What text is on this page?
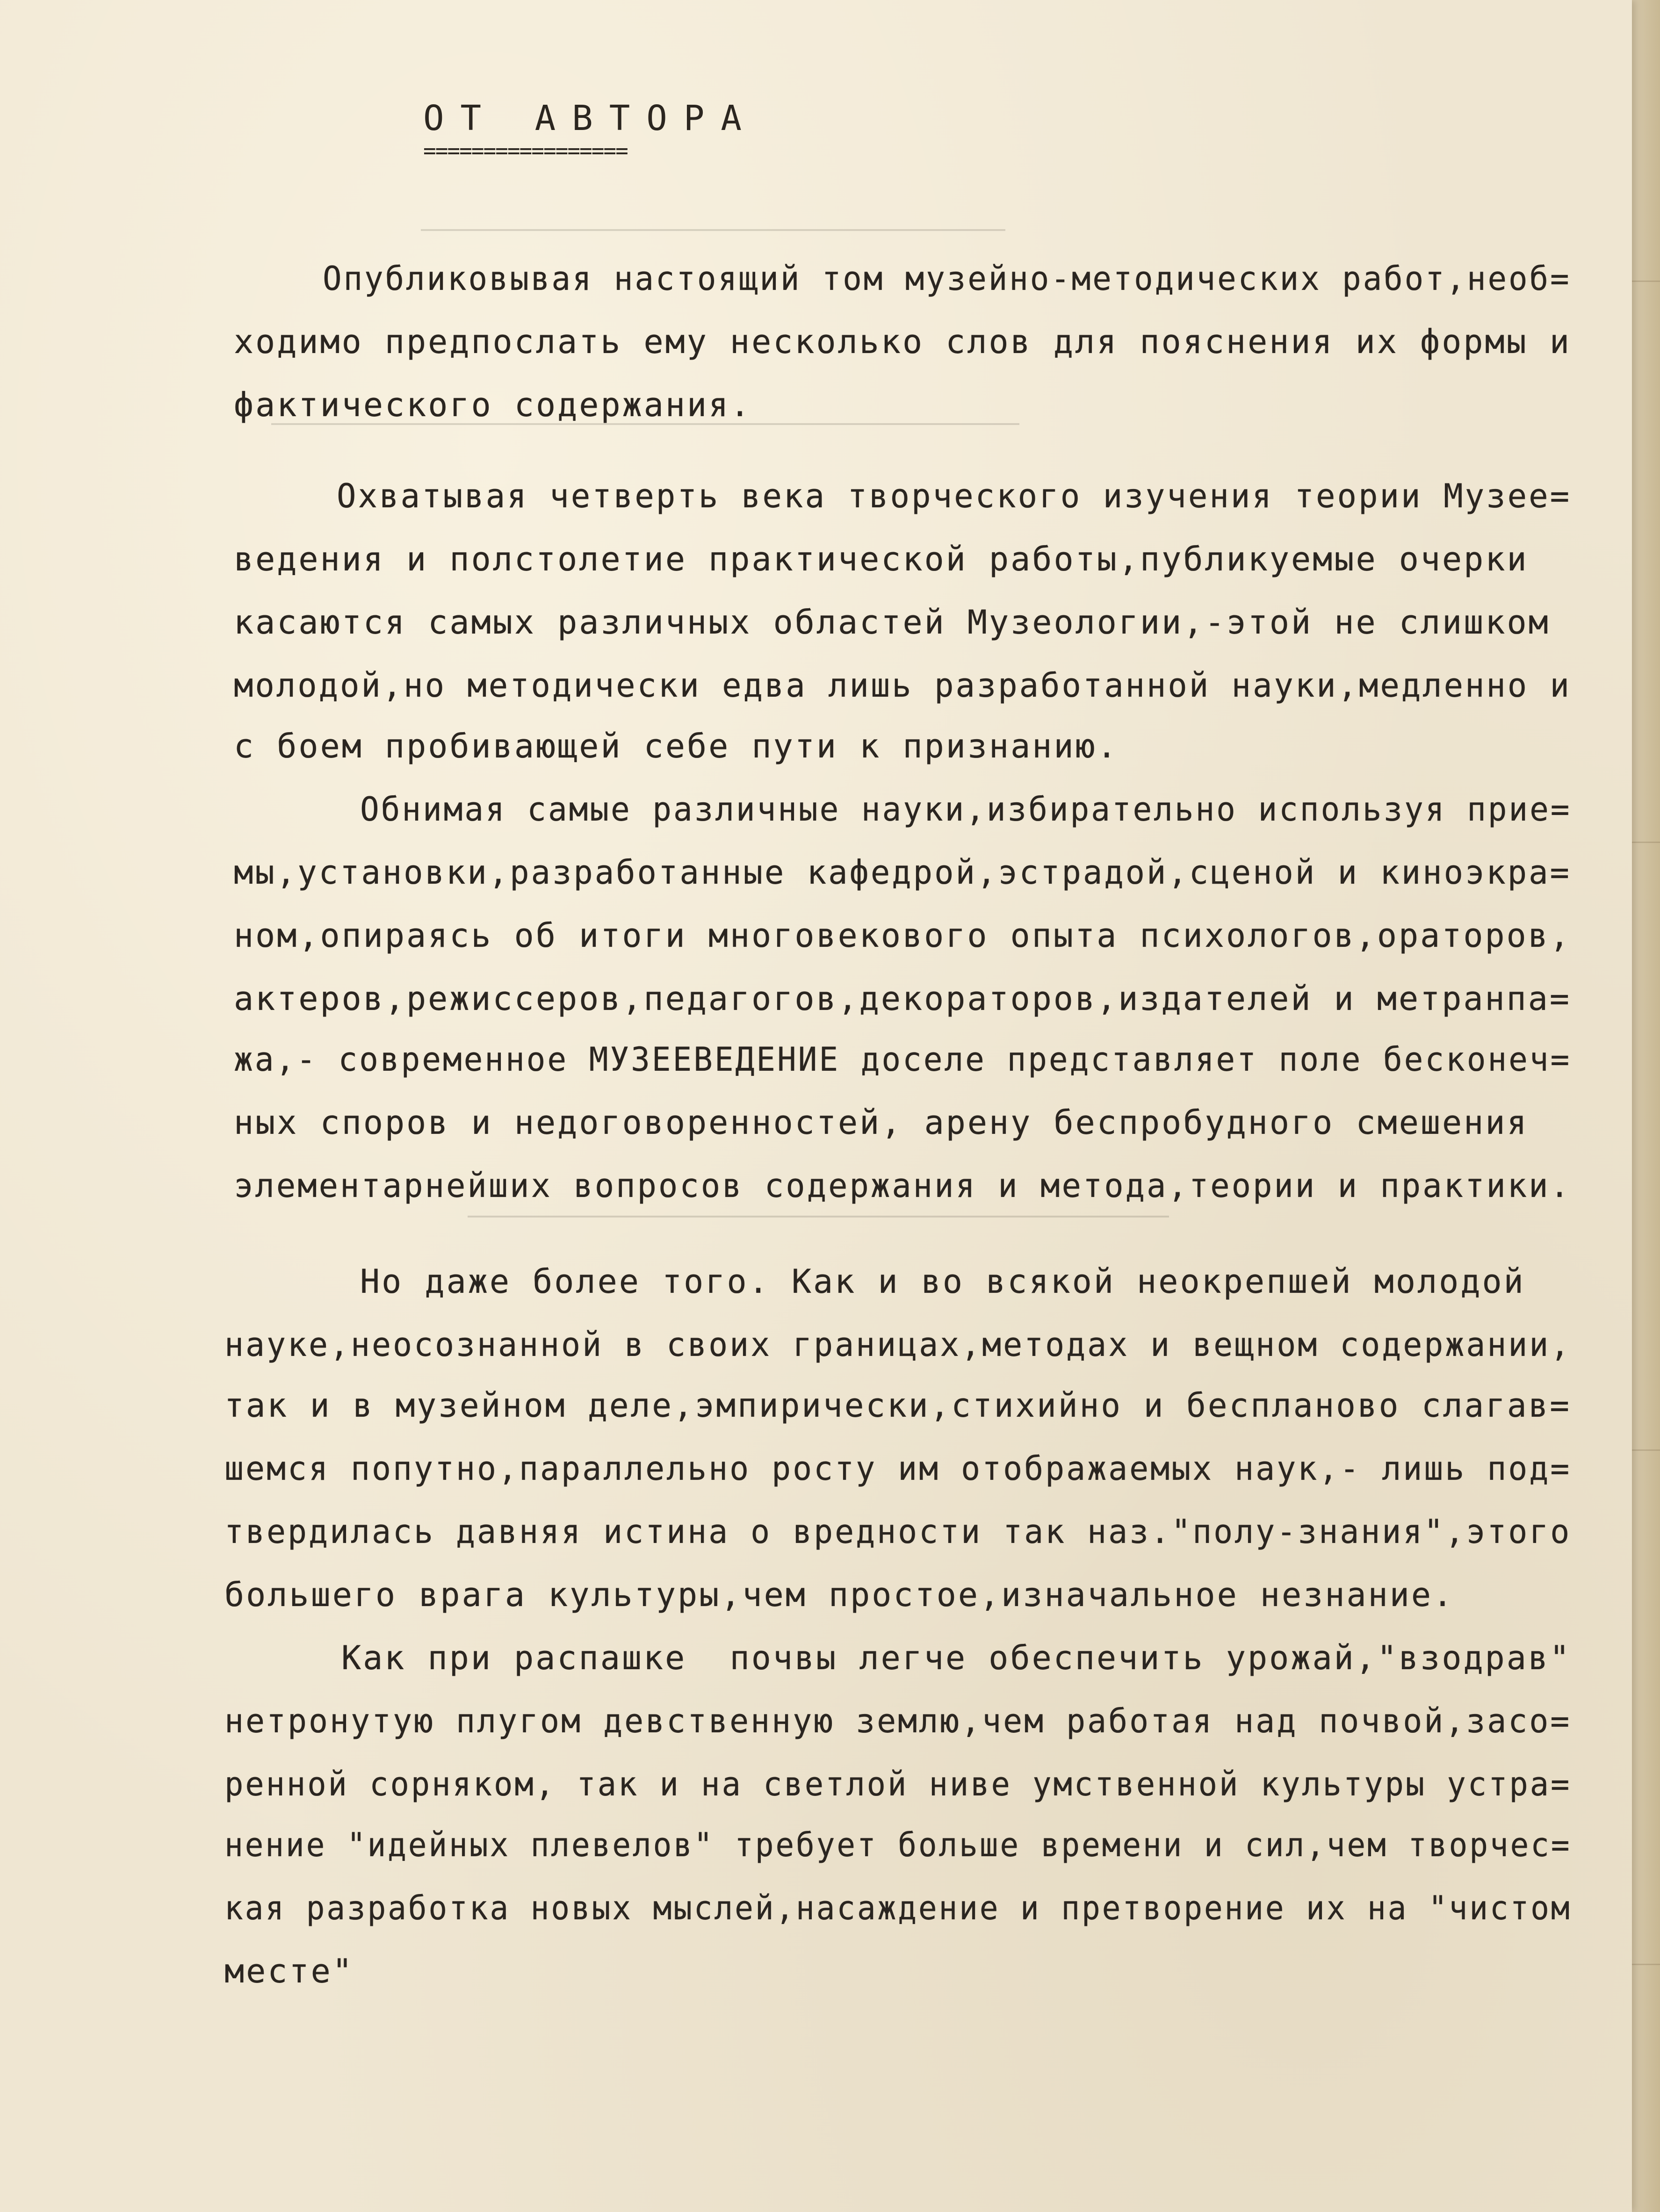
ОТ АВТОРА
=================
Опубликовывая настоящий том музейно-методических работ,необ=
ходимо предпослать ему несколько слов для пояснения их формы и
фактического содержания.
Охватывая четверть века творческого изучения теории Музее=
ведения и полстолетие практической работы,публикуемые очерки
касаются самых различных областей Музеологии,-этой не слишком
молодой,но методически едва лишь разработанной науки,медленно и
с боем пробивающей себе пути к признанию.
Обнимая самые различные науки,избирательно используя прие=
мы,установки,разработанные кафедрой,эстрадой,сценой и киноэкра=
ном,опираясь об итоги многовекового опыта психологов,ораторов,
актеров,режиссеров,педагогов,декораторов,издателей и метранпа=
жа,- современное МУЗЕЕВЕДЕНИЕ доселе представляет поле бесконеч=
ных споров и недоговоренностей, арену беспробудного смешения
элементарнейших вопросов содержания и метода,теории и практики.
Но даже более того. Как и во всякой неокрепшей молодой
науке,неосознанной в своих границах,методах и вещном содержании,
так и в музейном деле,эмпирически,стихийно и бесплановo слагав=
шемся попутно,параллельно росту им отображаемых наук,- лишь под=
твердилась давняя истина о вредности так наз."полу-знания",этого
большего врага культуры,чем простое,изначальное незнание.
Как при распашке  почвы легче обеспечить урожай,"взодрав"
нетронутую плугом девственную землю,чем работая над почвой,засо=
ренной сорняком, так и на светлой ниве умственной культуры устра=
нение "идейных плевелов" требует больше времени и сил,чем творчес=
кая разработка новых мыслей,насаждение и претворение их на "чистом
месте"
